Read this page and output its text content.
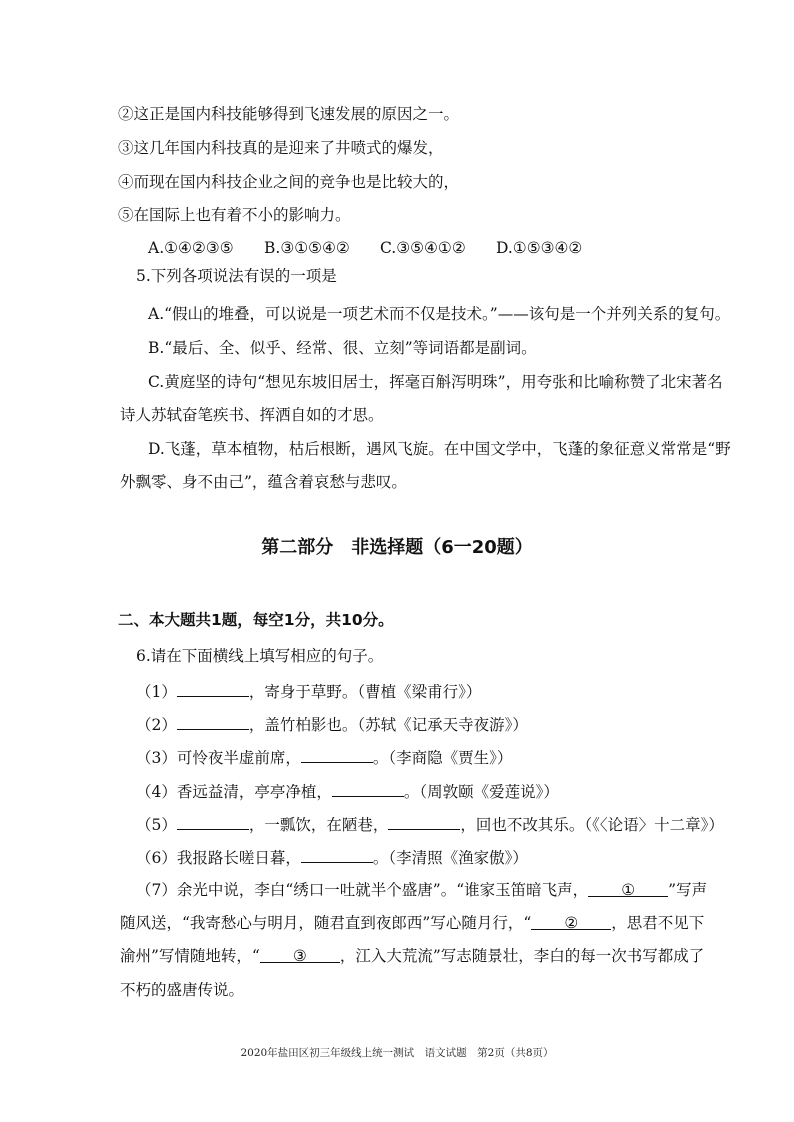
②这正是国内科技能够得到飞速发展的原因之一。
③这几年国内科技真的是迎来了井喷式的爆发，
④而现在国内科技企业之间的竞争也是比较大的，
⑤在国际上也有着不小的影响力。
A.①④②③⑤	B.③①⑤④②	C.③⑤④①②	D.①⑤③④②
5.下列各项说法有误的一项是
A.“假山的堆叠，可以说是一项艺术而不仅是技术。”——该句是一个并列关系的复句。
B.“最后、全、似乎、经常、很、立刻”等词语都是副词。
C.黄庭坚的诗句“想见东坡旧居士，挥毫百斛泻明珠”，用夸张和比喻称赞了北宋著名
诗人苏轼奋笔疾书、挥洒自如的才思。
D.飞蓬，草本植物，枯后根断，遇风飞旋。在中国文学中，飞蓬的象征意义常常是“野
外飘零、身不由己”，蕴含着哀愁与悲叹。
第二部分　非选择题（6一20题）
二、本大题共1题，每空1分，共10分。
6.请在下面横线上填写相应的句子。
（1）	，寄身于草野。（曹植《梁甫行》）
（2）	，盖竹柏影也。（苏轼《记承天寺夜游》）
（3）可怜夜半虚前席，	。（李商隐《贾生》）
（4）香远益清，亭亭净植，	。（周敦颐《爱莲说》）
（5）	，一瓢饮，在陋巷，	，回也不改其乐。（《〈论语〉十二章》）
（6）我报路长嗟日暮，	。（李清照《渔家傲》）
（7）余光中说，李白“绣口一吐就半个盛唐”。“谁家玉笛暗飞声， ① ”写声
随风送，“我寄愁心与明月，随君直到夜郎西”写心随月行，“ ② ，思君不见下
渝州”写情随地转，“ ③ ，江入大荒流”写志随景壮，李白的每一次书写都成了
不朽的盛唐传说。
2020年盐田区初三年级线上统一测试　语文试题　第2页（共8页）
